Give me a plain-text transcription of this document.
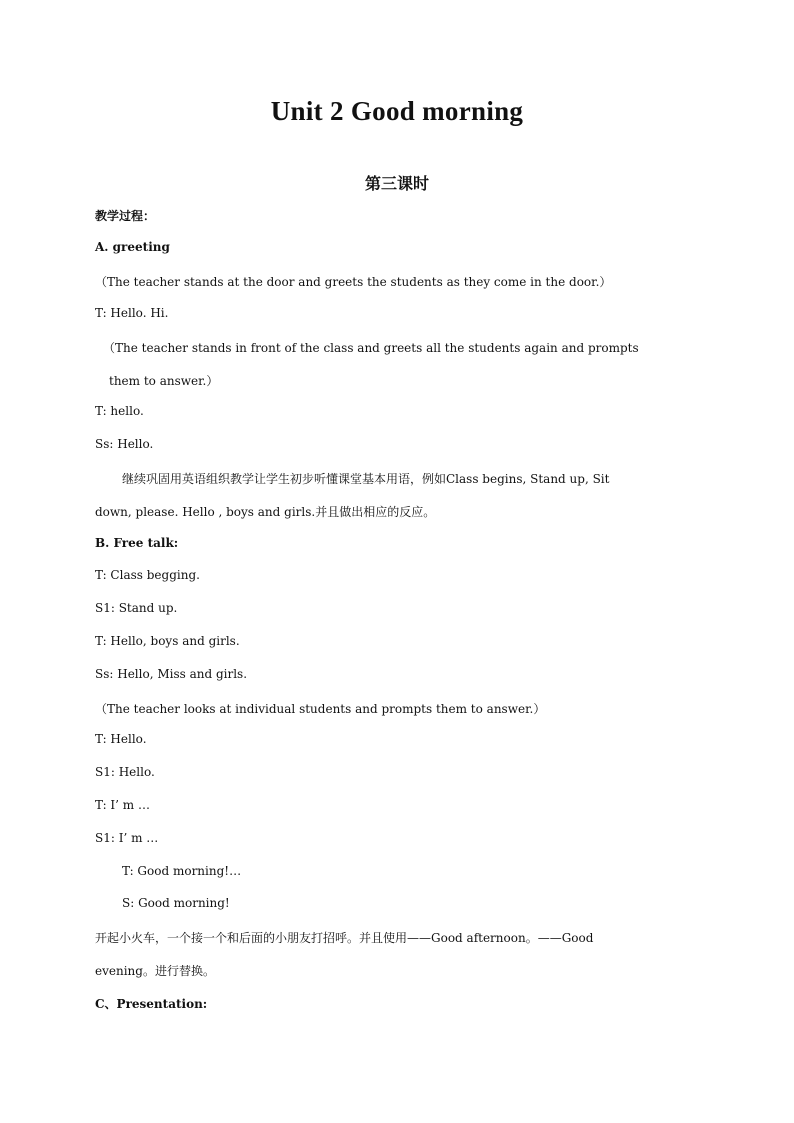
Unit 2 Good morning
第三课时
教学过程：
A. greeting
（The teacher stands at the door and greets the students as they come in the door.）
T: Hello. Hi.
（The teacher stands in front of the class and greets all the students again and prompts
them to answer.）
T: hello.
Ss: Hello.
继续巩固用英语组织教学让学生初步听懂课堂基本用语，例如Class begins, Stand up, Sit
down, please. Hello , boys and girls.并且做出相应的反应。
B. Free talk:
T: Class begging.
S1: Stand up.
T: Hello, boys and girls.
Ss: Hello, Miss and girls.
（The teacher looks at individual students and prompts them to answer.）
T: Hello.
S1: Hello.
T: I’ m …
S1: I’ m …
T: Good morning!…
S: Good morning!
开起小火车，一个接一个和后面的小朋友打招呼。并且使用——Good afternoon。——Good
evening。进行替换。
C、Presentation:
